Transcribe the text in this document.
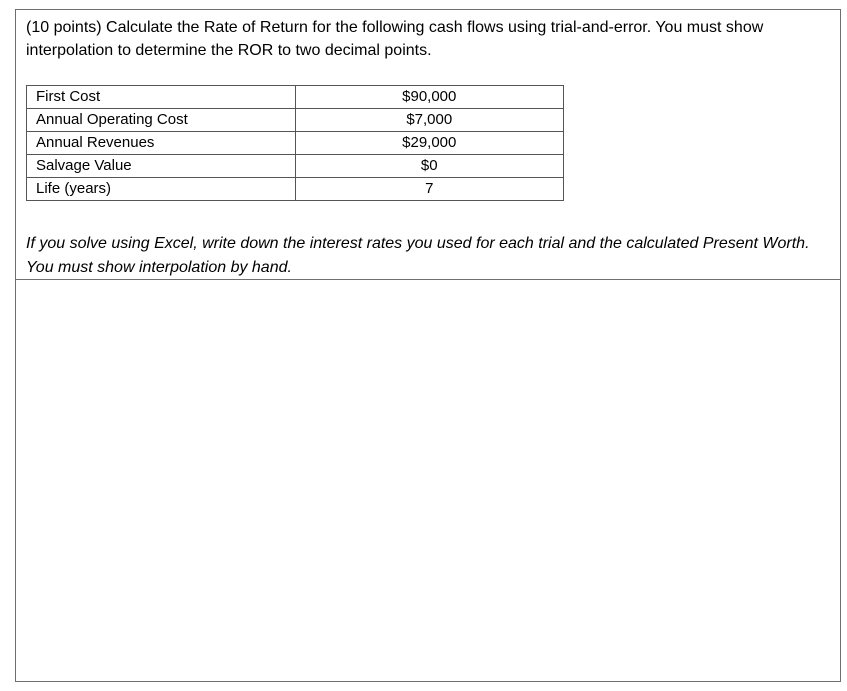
(10 points) Calculate the Rate of Return for the following cash flows using trial-and-error. You must show interpolation to determine the ROR to two decimal points.

First Cost	$90,000
Annual Operating Cost	$7,000
Annual Revenues	$29,000
Salvage Value	$0
Life (years)	7

If you solve using Excel, write down the interest rates you used for each trial and the calculated Present Worth. You must show interpolation by hand.
